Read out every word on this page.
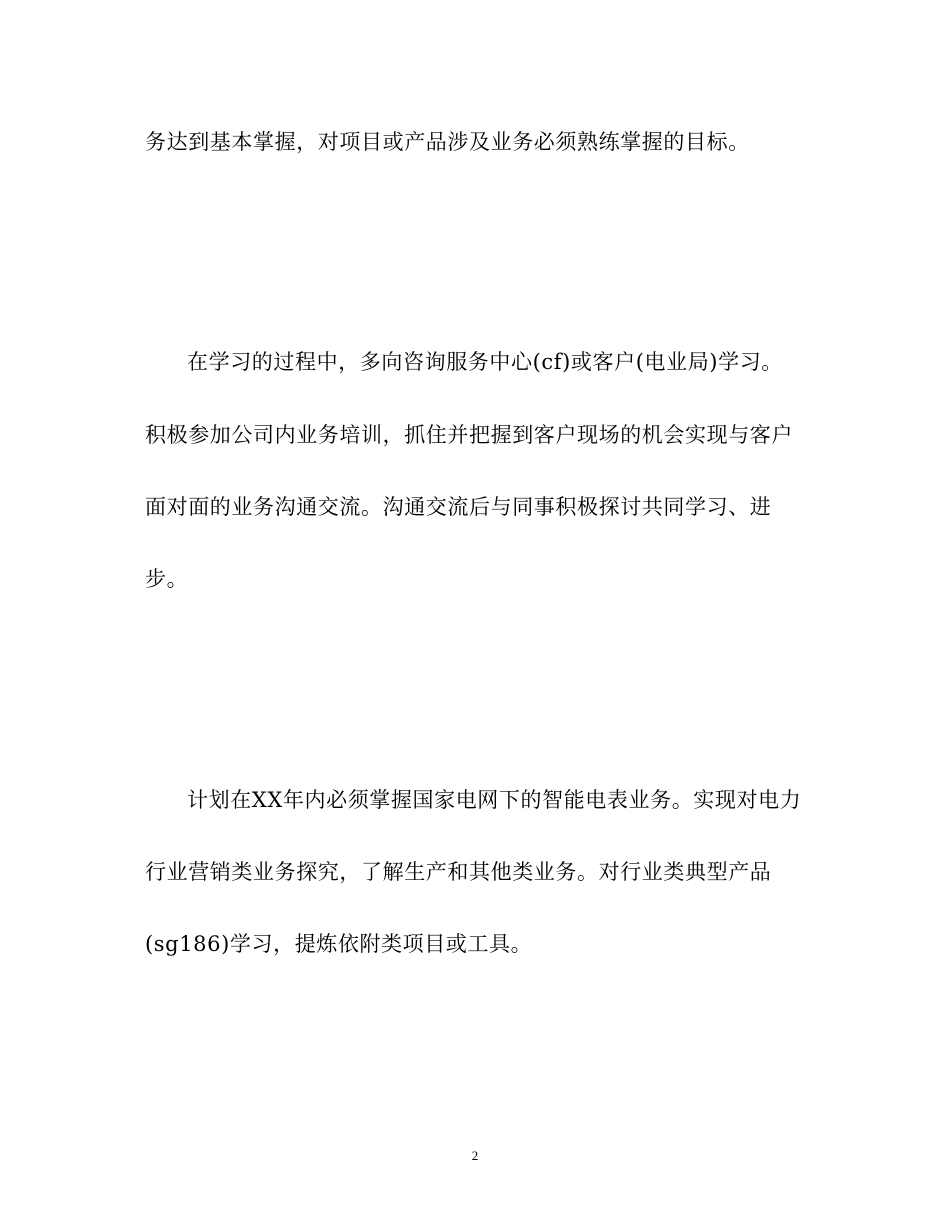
务达到基本掌握，对项目或产品涉及业务必须熟练掌握的目标。
在学习的过程中，多向咨询服务中心(cf)或客户(电业局)学习。
积极参加公司内业务培训，抓住并把握到客户现场的机会实现与客户
面对面的业务沟通交流。沟通交流后与同事积极探讨共同学习、进
步。
计划在XX年内必须掌握国家电网下的智能电表业务。实现对电力
行业营销类业务探究，了解生产和其他类业务。对行业类典型产品
(sg186)学习，提炼依附类项目或工具。
2
